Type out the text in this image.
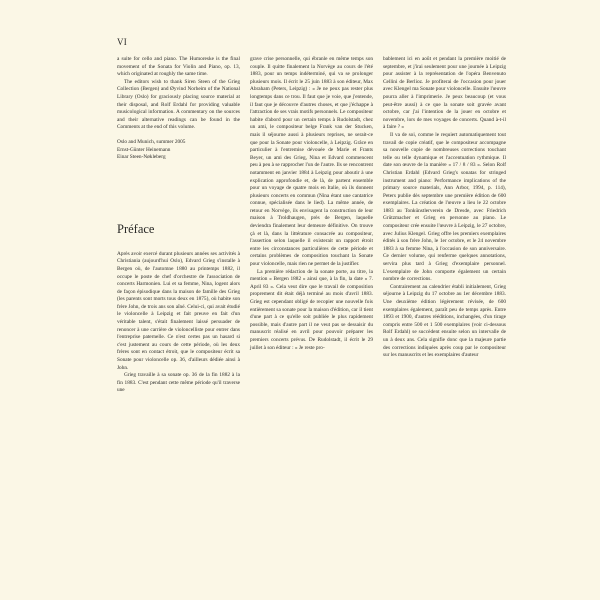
VI

a suite for cello and piano. The Humoreske is the final movement of the Sonata for Violin and Piano, op. 13, which originated at roughly the same time.

The editors wish to thank Siren Steen of the Grieg Collection (Bergen) and Øyvind Norheim of the National Library (Oslo) for graciously placing source material at their disposal, and Rolf Erdahl for providing valuable musicological information. A commentary on the sources and their alternative readings can be found in the Comments at the end of this volume.

Oslo and Munich, summer 2005

Ernst-Günter Heinemann

Einar Steen-Nøkleberg

Préface

Après avoir exercé durant plusieurs années ses activités à Christiania (aujourd'hui Oslo), Edvard Grieg s'installe à Bergen où, de l'automne 1880 au printemps 1882, il occupe le poste de chef d'orchestre de l'association de concerts Harmonien. Lui et sa femme, Nina, logent alors de façon épisodique dans la maison de famille des Grieg (les parents sont morts tous deux en 1875), où habite son frère John, de trois ans son aîné. Celui-ci, qui avait étudié le violoncelle à Leipzig et fait preuve en fait d'un véritable talent, s'était finalement laissé persuader de renoncer à une carrière de violoncelliste pour entrer dans l'entreprise paternelle. Ce n'est certes pas un hasard si c'est justement au cours de cette période, où les deux frères sont en contact étroit, que le compositeur écrit sa Sonate pour violoncelle op. 36, d'ailleurs dédiée ainsi à John.

Grieg travaille à sa sonate op. 36 de la fin 1882 à la fin 1883. C'est pendant cette même période qu'il traverse une

grave crise personnelle, qui ébranle en même temps son couple. Il quitte finalement la Norvège au cours de l'été 1883, pour un temps indéterminé, qui va se prolonger plusieurs mois. Il écrit le 25 juin 1883 à son éditeur, Max Abraham (Peters, Leipzig) : « Je ne peux pas rester plus longtemps dans ce trou. Il faut que je voie, que j'entende, il faut que je découvre d'autres choses, et que j'échappe à l'attraction de ses vrais motifs personnels. Le compositeur habite d'abord pour un certain temps à Rudolstadt, chez un ami, le compositeur belge Frank van der Stucken, mais il séjourne aussi à plusieurs reprises, ne serait-ce que pour la Sonate pour violoncelle, à Leipzig. Grâce en particulier à l'entremise dévouée de Marie et Frants Beyer, un ami des Grieg, Nina et Edvard commencent peu à peu à se rapprocher l'un de l'autre. Ils se rencontrent notamment en janvier 1884 à Leipzig pour aboutir à une explication approfondie et, de là, de partent ensemble pour un voyage de quatre mois en Italie, où ils donnent plusieurs concerts en commun (Nina étant une cantatrice connue, spécialisée dans le lied). La même année, de retour en Norvège, ils envisagent la construction de leur maison à Troldhaugen, près de Bergen, laquelle deviendra finalement leur demeure définitive. On trouve çà et là, dans la littérature consacrée au compositeur, l'assertion selon laquelle il existerait un rapport étroit entre les circonstances particulières de cette période et certains problèmes de composition touchant la Sonate pour violoncelle, mais rien ne permet de la justifier.

La première rédaction de la sonate porte, au titre, la mention « Bergen 1882 » ainsi que, à la fin, la date « 7. April 83 ». Cela veut dire que le travail de composition proprement dit était déjà terminé au mois d'avril 1883. Grieg est cependant obligé de recopier une nouvelle fois entièrement sa sonate pour la maison d'édition, car il tient d'une part à ce qu'elle soit publiée le plus rapidement possible, mais d'autre part il ne veut pas se dessaisir du manuscrit réalisé en avril pour pouvoir préparer les premiers concerts prévus. De Rudolstadt, il écrit le 29 juillet à son éditeur : « Je reste pro-

bablement ici en août et pendant la première moitié de septembre, et j'irai seulement pour une journée à Leipzig pour assister à la représentation de l'opéra Benvenuto Cellini de Berlioz. Je profiterai de l'occasion pour jouer avec Klengel ma Sonate pour violoncelle. Ensuite l'œuvre pourra aller à l'imprimerie. Je peux beaucoup (et vous peut-être aussi) à ce que la sonate soit gravée avant octobre, car j'ai l'intention de la jouer en octobre et novembre, lors de mes voyages de concerts. Quand à-t-il à faire ? »

Il va de soi, comme le requiert automatiquement tout travail de copie créatif, que le compositeur accompagne sa nouvelle copie de nombreuses corrections touchant telle ou telle dynamique et l'accentuation rythmique. Il date son œuvre de la manière « 17 / 8 / 83 ». Selon Rolf Christian Erdahl (Edvard Grieg's sonatas for stringed instrument and piano: Performance implications of the primary source materials, Ann Arbor, 1994, p. 114), Peters publie dès septembre une première édition de 600 exemplaires. La création de l'œuvre a lieu le 22 octobre 1883 au Tonkünstlerverein de Dresde, avec Friedrich Grützmacher et Grieg en personne au piano. Le compositeur crée ensuite l'œuvre à Leipzig, le 27 octobre, avec Julius Klengel. Grieg offre les premiers exemplaires édités à son frère John, le 1er octobre, et le 24 novembre 1883 à sa femme Nina, à l'occasion de son anniversaire. Ce dernier volume, qui renferme quelques annotations, servira plus tard à Grieg d'exemplaire personnel. L'exemplaire de John comporte également un certain nombre de corrections.

Contrairement au calendrier établi initialement, Grieg séjourne à Leipzig du 17 octobre au 1er décembre 1883. Une deuxième édition légèrement révisée, de 600 exemplaires également, paraît peu de temps après. Entre 1893 et 1900, d'autres rééditions, inchangées, d'un tirage compris entre 500 et 1 500 exemplaires (voir ci-dessous Rolf Erdahl) se succèdent ensuite selon un intervalle de un à deux ans. Cela signifie donc que la majeure partie des corrections indiquées après coup par le compositeur sur les manuscrits et les exemplaires d'auteur
